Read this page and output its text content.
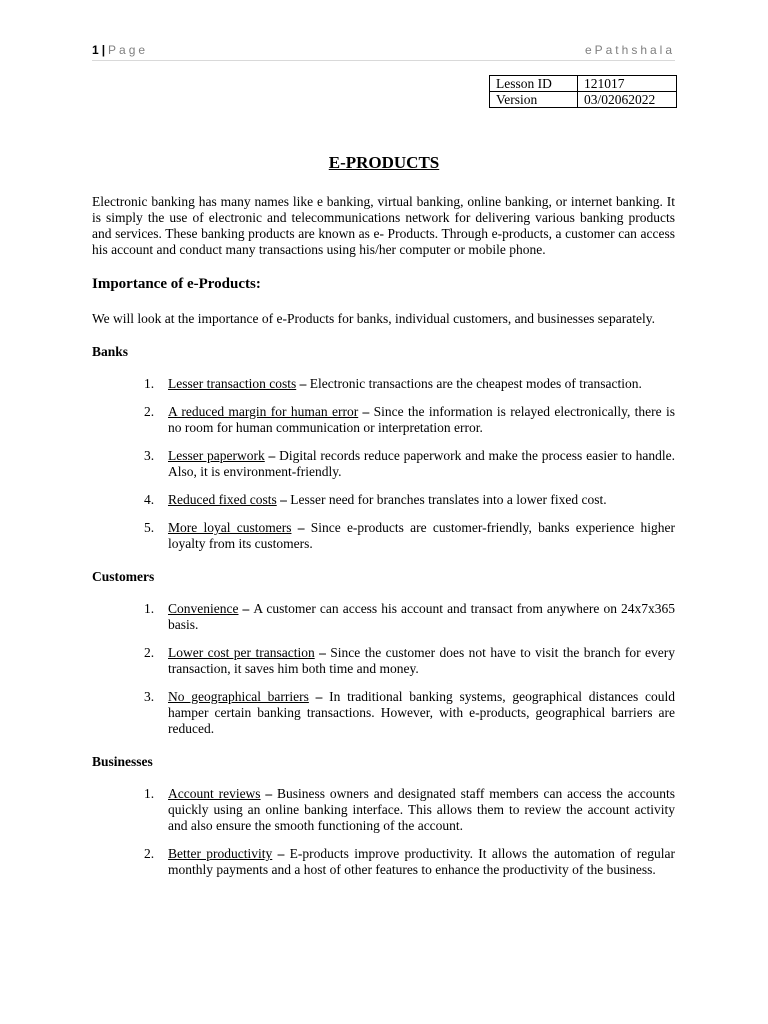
1 | Page	ePathshala
Lesson ID	121017
Version	03/02062022
E-PRODUCTS

Electronic banking has many names like e banking, virtual banking, online banking, or internet banking. It is simply the use of electronic and telecommunications network for delivering various banking products and services. These banking products are known as e- Products. Through e-products, a customer can access his account and conduct many transactions using his/her computer or mobile phone.

Importance of e-Products:

We will look at the importance of e-Products for banks, individual customers, and businesses separately.

Banks
1. Lesser transaction costs – Electronic transactions are the cheapest modes of transaction.
2. A reduced margin for human error – Since the information is relayed electronically, there is no room for human communication or interpretation error.
3. Lesser paperwork – Digital records reduce paperwork and make the process easier to handle. Also, it is environment-friendly.
4. Reduced fixed costs – Lesser need for branches translates into a lower fixed cost.
5. More loyal customers – Since e-products are customer-friendly, banks experience higher loyalty from its customers.
Customers
1. Convenience – A customer can access his account and transact from anywhere on 24x7x365 basis.
2. Lower cost per transaction – Since the customer does not have to visit the branch for every transaction, it saves him both time and money.
3. No geographical barriers – In traditional banking systems, geographical distances could hamper certain banking transactions. However, with e-products, geographical barriers are reduced.
Businesses
1. Account reviews – Business owners and designated staff members can access the accounts quickly using an online banking interface. This allows them to review the account activity and also ensure the smooth functioning of the account.
2. Better productivity – E-products improve productivity. It allows the automation of regular monthly payments and a host of other features to enhance the productivity of the business.
